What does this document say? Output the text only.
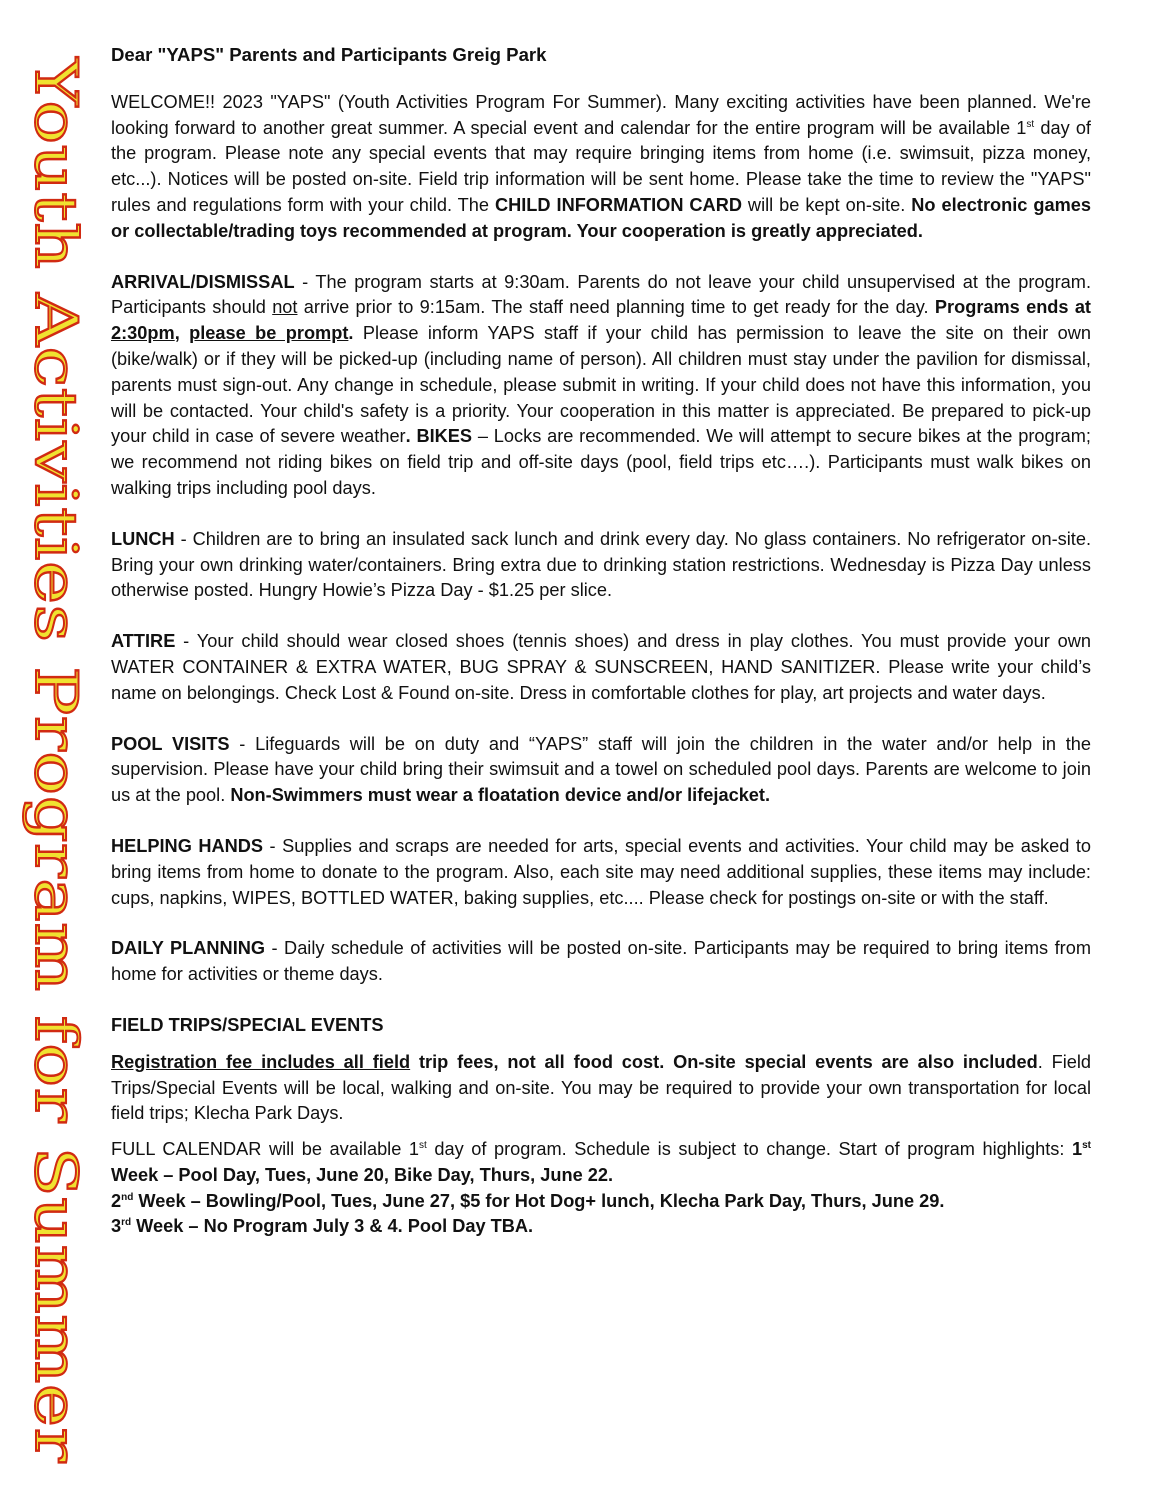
Youth Activities Program for Summer
Dear "YAPS" Parents and Participants Greig Park
WELCOME!! 2023 "YAPS" (Youth Activities Program For Summer). Many exciting activities have been planned. We're looking forward to another great summer. A special event and calendar for the entire program will be available 1st day of the program. Please note any special events that may require bringing items from home (i.e. swimsuit, pizza money, etc...). Notices will be posted on-site. Field trip information will be sent home. Please take the time to review the "YAPS" rules and regulations form with your child. The CHILD INFORMATION CARD will be kept on-site. No electronic games or collectable/trading toys recommended at program. Your cooperation is greatly appreciated.
ARRIVAL/DISMISSAL - The program starts at 9:30am. Parents do not leave your child unsupervised at the program. Participants should not arrive prior to 9:15am. The staff need planning time to get ready for the day. Programs ends at 2:30pm, please be prompt. Please inform YAPS staff if your child has permission to leave the site on their own (bike/walk) or if they will be picked-up (including name of person). All children must stay under the pavilion for dismissal, parents must sign-out. Any change in schedule, please submit in writing. If your child does not have this information, you will be contacted. Your child's safety is a priority. Your cooperation in this matter is appreciated. Be prepared to pick-up your child in case of severe weather. BIKES – Locks are recommended. We will attempt to secure bikes at the program; we recommend not riding bikes on field trip and off-site days (pool, field trips etc….). Participants must walk bikes on walking trips including pool days.
LUNCH - Children are to bring an insulated sack lunch and drink every day. No glass containers. No refrigerator on-site. Bring your own drinking water/containers. Bring extra due to drinking station restrictions. Wednesday is Pizza Day unless otherwise posted. Hungry Howie’s Pizza Day - $1.25 per slice.
ATTIRE - Your child should wear closed shoes (tennis shoes) and dress in play clothes. You must provide your own WATER CONTAINER & EXTRA WATER, BUG SPRAY & SUNSCREEN, HAND SANITIZER. Please write your child’s name on belongings. Check Lost & Found on-site. Dress in comfortable clothes for play, art projects and water days.
POOL VISITS - Lifeguards will be on duty and “YAPS” staff will join the children in the water and/or help in the supervision. Please have your child bring their swimsuit and a towel on scheduled pool days. Parents are welcome to join us at the pool. Non-Swimmers must wear a floatation device and/or lifejacket.
HELPING HANDS - Supplies and scraps are needed for arts, special events and activities. Your child may be asked to bring items from home to donate to the program. Also, each site may need additional supplies, these items may include: cups, napkins, WIPES, BOTTLED WATER, baking supplies, etc.... Please check for postings on-site or with the staff.
DAILY PLANNING - Daily schedule of activities will be posted on-site. Participants may be required to bring items from home for activities or theme days.
FIELD TRIPS/SPECIAL EVENTS
Registration fee includes all field trip fees, not all food cost. On-site special events are also included. Field Trips/Special Events will be local, walking and on-site. You may be required to provide your own transportation for local field trips; Klecha Park Days.
FULL CALENDAR will be available 1st day of program. Schedule is subject to change. Start of program highlights: 1st Week – Pool Day, Tues, June 20, Bike Day, Thurs, June 22.
2nd Week – Bowling/Pool, Tues, June 27, $5 for Hot Dog+ lunch, Klecha Park Day, Thurs, June 29.
3rd Week – No Program July 3 & 4. Pool Day TBA.
